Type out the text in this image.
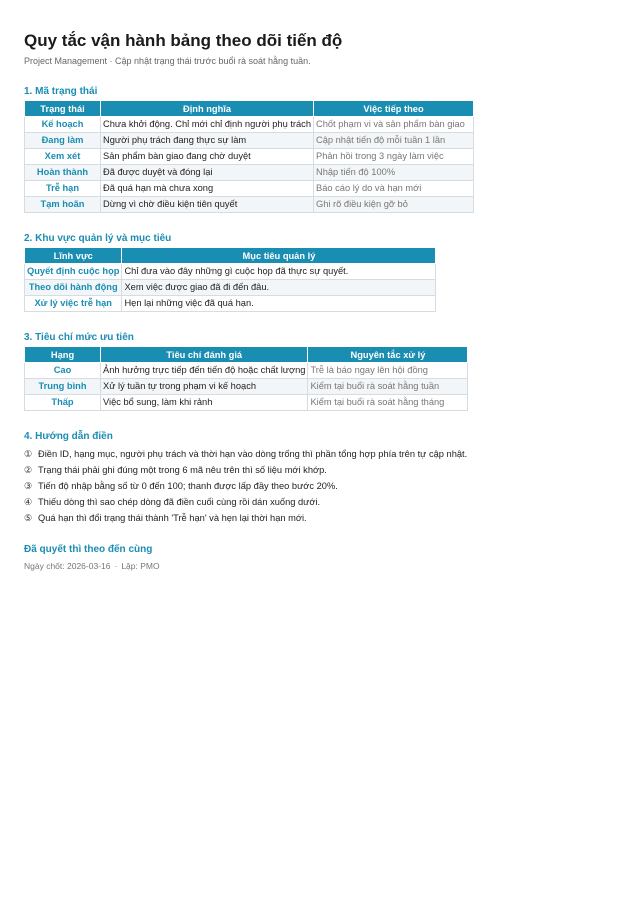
Quy tắc vận hành bảng theo dõi tiến độ
Project Management · Cập nhật trạng thái trước buổi rà soát hằng tuần.
1. Mã trạng thái
Trạng thái	Định nghĩa	Việc tiếp theo
Kế hoạch	Chưa khởi động. Chỉ mới chỉ định người phụ trách	Chốt phạm vi và sản phẩm bàn giao
Đang làm	Người phụ trách đang thực sự làm	Cập nhật tiến độ mỗi tuần 1 lần
Xem xét	Sản phẩm bàn giao đang chờ duyệt	Phản hồi trong 3 ngày làm việc
Hoàn thành	Đã được duyệt và đóng lại	Nhập tiến độ 100%
Trễ hạn	Đã quá hạn mà chưa xong	Báo cáo lý do và hạn mới
Tạm hoãn	Dừng vì chờ điều kiện tiên quyết	Ghi rõ điều kiện gỡ bỏ
2. Khu vực quản lý và mục tiêu
Lĩnh vực	Mục tiêu quản lý
Quyết định cuộc họp	Chỉ đưa vào đây những gì cuộc họp đã thực sự quyết.
Theo dõi hành động	Xem việc được giao đã đi đến đâu.
Xử lý việc trễ hạn	Hẹn lại những việc đã quá hạn.
3. Tiêu chí mức ưu tiên
Hạng	Tiêu chí đánh giá	Nguyên tắc xử lý
Cao	Ảnh hưởng trực tiếp đến tiến độ hoặc chất lượng	Trễ là báo ngay lên hội đồng
Trung bình	Xử lý tuần tự trong phạm vi kế hoạch	Kiểm tại buổi rà soát hằng tuần
Thấp	Việc bổ sung, làm khi rảnh	Kiểm tại buổi rà soát hằng tháng
4. Hướng dẫn điền
① Điền ID, hạng mục, người phụ trách và thời hạn vào dòng trống thì phần tổng hợp phía trên tự cập nhật.
② Trạng thái phải ghi đúng một trong 6 mã nêu trên thì số liệu mới khớp.
③ Tiến độ nhập bằng số từ 0 đến 100; thanh được lấp đầy theo bước 20%.
④ Thiếu dòng thì sao chép dòng đã điền cuối cùng rồi dán xuống dưới.
⑤ Quá hạn thì đổi trạng thái thành 'Trễ hạn' và hẹn lại thời hạn mới.
Đã quyết thì theo đến cùng
Ngày chốt: 2026-03-16 · Lập: PMO
